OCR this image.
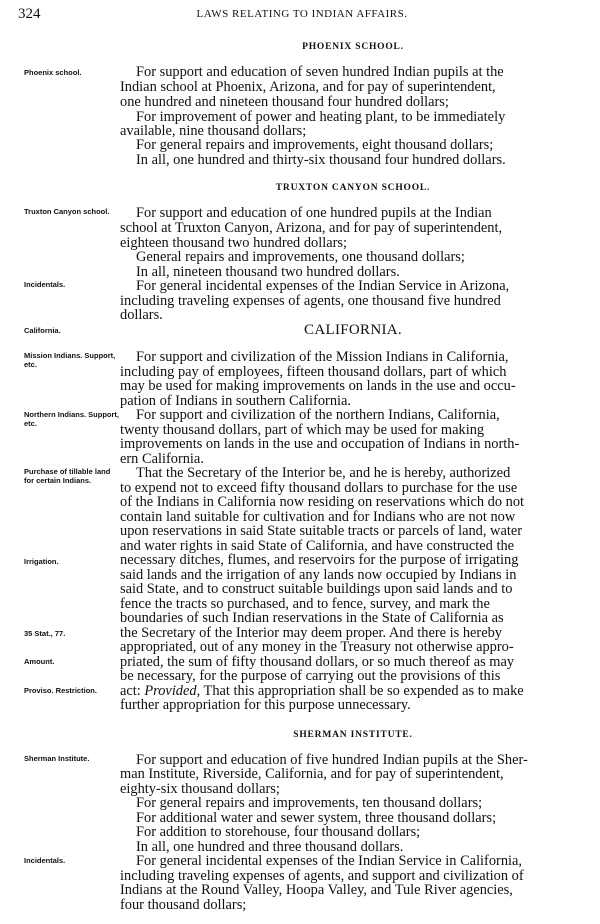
324	LAWS RELATING TO INDIAN AFFAIRS.
PHOENIX SCHOOL.
Phoenix school.	For support and education of seven hundred Indian pupils at the
Indian school at Phoenix, Arizona, and for pay of superintendent,
one hundred and nineteen thousand four hundred dollars;
For improvement of power and heating plant, to be immediately
available, nine thousand dollars;
For general repairs and improvements, eight thousand dollars;
In all, one hundred and thirty-six thousand four hundred dollars.
TRUXTON CANYON SCHOOL.
Truxton Canyon school.	For support and education of one hundred pupils at the Indian
school at Truxton Canyon, Arizona, and for pay of superintendent,
eighteen thousand two hundred dollars;
General repairs and improvements, one thousand dollars;
In all, nineteen thousand two hundred dollars.
Incidentals.	For general incidental expenses of the Indian Service in Arizona,
including traveling expenses of agents, one thousand five hundred
dollars.
California.	CALIFORNIA.
Mission Indians. Support, etc.	For support and civilization of the Mission Indians in California,
including pay of employees, fifteen thousand dollars, part of which
may be used for making improvements on lands in the use and occu-
pation of Indians in southern California.
Northern Indians. Support, etc.
For support and civilization of the northern Indians, California,
twenty thousand dollars, part of which may be used for making
improvements on lands in the use and occupation of Indians in north-
ern California.
Purchase of tillable land for certain Indians.	That the Secretary of the Interior be, and he is hereby, authorized
to expend not to exceed fifty thousand dollars to purchase for the use
of the Indians in California now residing on reservations which do not
contain land suitable for cultivation and for Indians who are not now
upon reservations in said State suitable tracts or parcels of land, water
and water rights in said State of California, and have constructed the
Irrigation.	necessary ditches, flumes, and reservoirs for the purpose of irrigating
said lands and the irrigation of any lands now occupied by Indians in
said State, and to construct suitable buildings upon said lands and to
fence the tracts so purchased, and to fence, survey, and mark the
boundaries of such Indian reservations in the State of California as
35 Stat., 77.	the Secretary of the Interior may deem proper. And there is hereby
appropriated, out of any money in the Treasury not otherwise appro-
Amount.	priated, the sum of fifty thousand dollars, or so much thereof as may
be necessary, for the purpose of carrying out the provisions of this
Proviso. Restriction.	act: Provided, That this appropriation shall be so expended as to make
further appropriation for this purpose unnecessary.
SHERMAN INSTITUTE.
Sherman Institute.	For support and education of five hundred Indian pupils at the Sher-
man Institute, Riverside, California, and for pay of superintendent,
eighty-six thousand dollars;
For general repairs and improvements, ten thousand dollars;
For additional water and sewer system, three thousand dollars;
For addition to storehouse, four thousand dollars;
In all, one hundred and three thousand dollars.
Incidentals.	For general incidental expenses of the Indian Service in California,
including traveling expenses of agents, and support and civilization of
Indians at the Round Valley, Hoopa Valley, and Tule River agencies,
four thousand dollars;
